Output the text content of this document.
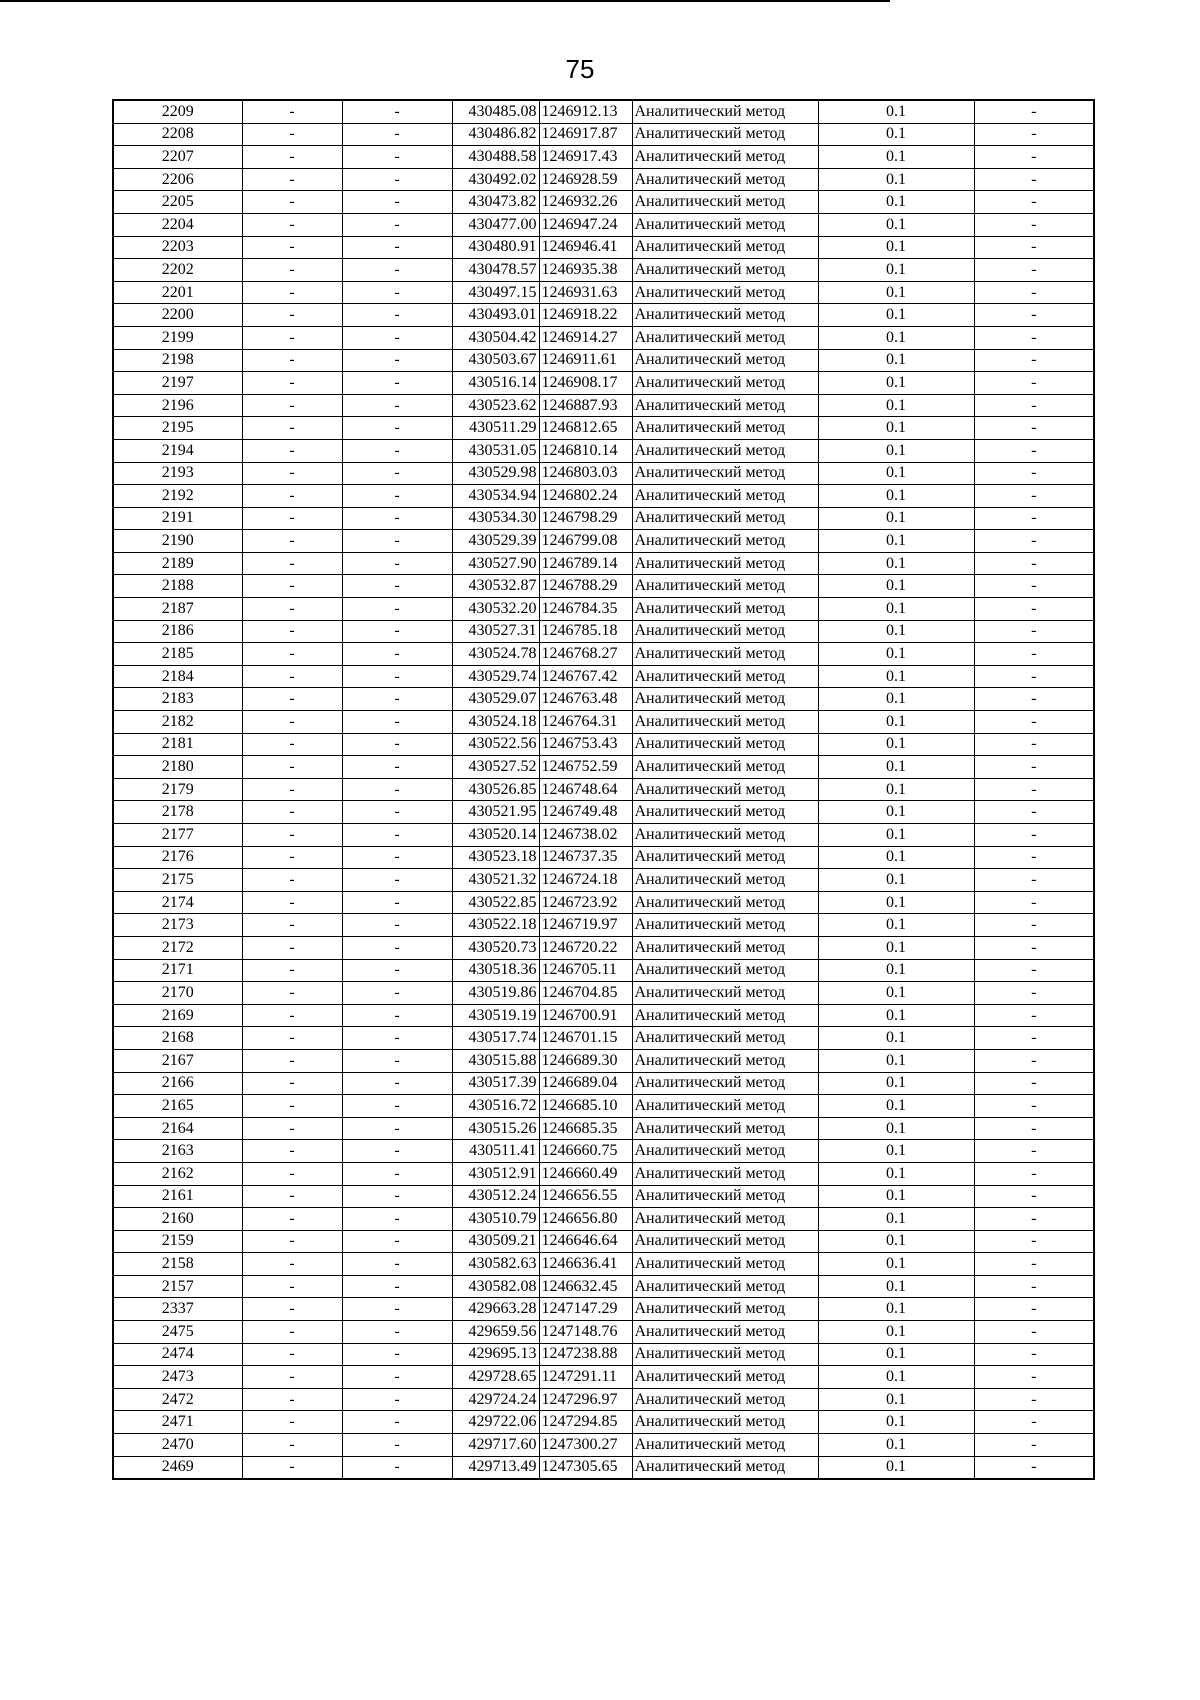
75
2209	-	-	430485.08	1246912.13	Аналитический метод	0.1	-
2208	-	-	430486.82	1246917.87	Аналитический метод	0.1	-
2207	-	-	430488.58	1246917.43	Аналитический метод	0.1	-
2206	-	-	430492.02	1246928.59	Аналитический метод	0.1	-
2205	-	-	430473.82	1246932.26	Аналитический метод	0.1	-
2204	-	-	430477.00	1246947.24	Аналитический метод	0.1	-
2203	-	-	430480.91	1246946.41	Аналитический метод	0.1	-
2202	-	-	430478.57	1246935.38	Аналитический метод	0.1	-
2201	-	-	430497.15	1246931.63	Аналитический метод	0.1	-
2200	-	-	430493.01	1246918.22	Аналитический метод	0.1	-
2199	-	-	430504.42	1246914.27	Аналитический метод	0.1	-
2198	-	-	430503.67	1246911.61	Аналитический метод	0.1	-
2197	-	-	430516.14	1246908.17	Аналитический метод	0.1	-
2196	-	-	430523.62	1246887.93	Аналитический метод	0.1	-
2195	-	-	430511.29	1246812.65	Аналитический метод	0.1	-
2194	-	-	430531.05	1246810.14	Аналитический метод	0.1	-
2193	-	-	430529.98	1246803.03	Аналитический метод	0.1	-
2192	-	-	430534.94	1246802.24	Аналитический метод	0.1	-
2191	-	-	430534.30	1246798.29	Аналитический метод	0.1	-
2190	-	-	430529.39	1246799.08	Аналитический метод	0.1	-
2189	-	-	430527.90	1246789.14	Аналитический метод	0.1	-
2188	-	-	430532.87	1246788.29	Аналитический метод	0.1	-
2187	-	-	430532.20	1246784.35	Аналитический метод	0.1	-
2186	-	-	430527.31	1246785.18	Аналитический метод	0.1	-
2185	-	-	430524.78	1246768.27	Аналитический метод	0.1	-
2184	-	-	430529.74	1246767.42	Аналитический метод	0.1	-
2183	-	-	430529.07	1246763.48	Аналитический метод	0.1	-
2182	-	-	430524.18	1246764.31	Аналитический метод	0.1	-
2181	-	-	430522.56	1246753.43	Аналитический метод	0.1	-
2180	-	-	430527.52	1246752.59	Аналитический метод	0.1	-
2179	-	-	430526.85	1246748.64	Аналитический метод	0.1	-
2178	-	-	430521.95	1246749.48	Аналитический метод	0.1	-
2177	-	-	430520.14	1246738.02	Аналитический метод	0.1	-
2176	-	-	430523.18	1246737.35	Аналитический метод	0.1	-
2175	-	-	430521.32	1246724.18	Аналитический метод	0.1	-
2174	-	-	430522.85	1246723.92	Аналитический метод	0.1	-
2173	-	-	430522.18	1246719.97	Аналитический метод	0.1	-
2172	-	-	430520.73	1246720.22	Аналитический метод	0.1	-
2171	-	-	430518.36	1246705.11	Аналитический метод	0.1	-
2170	-	-	430519.86	1246704.85	Аналитический метод	0.1	-
2169	-	-	430519.19	1246700.91	Аналитический метод	0.1	-
2168	-	-	430517.74	1246701.15	Аналитический метод	0.1	-
2167	-	-	430515.88	1246689.30	Аналитический метод	0.1	-
2166	-	-	430517.39	1246689.04	Аналитический метод	0.1	-
2165	-	-	430516.72	1246685.10	Аналитический метод	0.1	-
2164	-	-	430515.26	1246685.35	Аналитический метод	0.1	-
2163	-	-	430511.41	1246660.75	Аналитический метод	0.1	-
2162	-	-	430512.91	1246660.49	Аналитический метод	0.1	-
2161	-	-	430512.24	1246656.55	Аналитический метод	0.1	-
2160	-	-	430510.79	1246656.80	Аналитический метод	0.1	-
2159	-	-	430509.21	1246646.64	Аналитический метод	0.1	-
2158	-	-	430582.63	1246636.41	Аналитический метод	0.1	-
2157	-	-	430582.08	1246632.45	Аналитический метод	0.1	-
2337	-	-	429663.28	1247147.29	Аналитический метод	0.1	-
2475	-	-	429659.56	1247148.76	Аналитический метод	0.1	-
2474	-	-	429695.13	1247238.88	Аналитический метод	0.1	-
2473	-	-	429728.65	1247291.11	Аналитический метод	0.1	-
2472	-	-	429724.24	1247296.97	Аналитический метод	0.1	-
2471	-	-	429722.06	1247294.85	Аналитический метод	0.1	-
2470	-	-	429717.60	1247300.27	Аналитический метод	0.1	-
2469	-	-	429713.49	1247305.65	Аналитический метод	0.1	-
